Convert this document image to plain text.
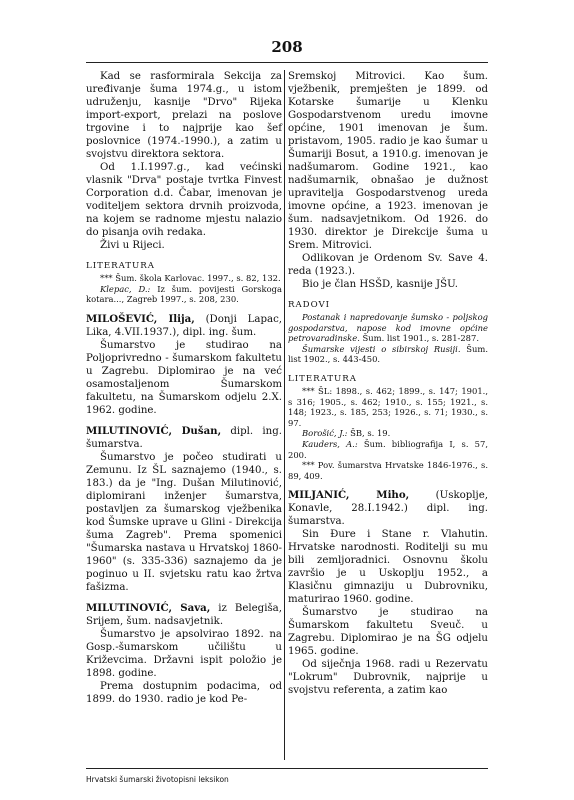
208

Kad se rasformirala Sekcija za uređivanje šuma 1974.g., u istom udruženju, kasnije "Drvo" Rijeka import-export, prelazi na poslove trgovine i to najprije kao šef poslovnice (1974.-1990.), a zatim u svojstvu direktora sektora.

Od 1.I.1997.g., kad većinski vlasnik "Drva" postaje tvrtka Finvest Corporation d.d. Čabar, imenovan je voditeljem sektora drvnih proizvoda, na kojem se radnome mjestu nalazio do pisanja ovih redaka.

Živi u Rijeci.

LITERATURA

*** Šum. škola Karlovac. 1997., s. 82, 132.

Klepac, D.: Iz šum. povijesti Gorskoga kotara..., Zagreb 1997., s. 208, 230.

MILOŠEVIĆ, Ilija, (Donji Lapac, Lika, 4.VII.1937.), dipl. ing. šum.

Šumarstvo je studirao na Poljoprivredno - šumarskom fakultetu u Zagrebu. Diplomirao je na već osamostaljenom Šumarskom fakultetu, na Šumarskom odjelu 2.X. 1962. godine.

MILUTINOVIĆ, Dušan, dipl. ing. šumarstva.

Šumarstvo je počeo studirati u Zemunu. Iz ŠL saznajemo (1940., s. 183.) da je "Ing. Dušan Milutinović, diplomirani inženjer šumarstva, postavljen za šumarskog vježbenika kod Šumske uprave u Glini - Direkcija šuma Zagreb". Prema spomenici "Šumarska nastava u Hrvatskoj 1860-1960" (s. 335-336) saznajemo da je poginuo u II. svjetsku ratu kao žrtva fašizma.

MILUTINOVIĆ, Sava, iz Belegiša, Srijem, šum. nadsavjetnik.

Šumarstvo je apsolvirao 1892. na Gosp.-šumarskom učilištu u Križevcima. Državni ispit položio je 1898. godine.

Prema dostupnim podacima, od 1899. do 1930. radio je kod Pe-

Sremskoj Mitrovici. Kao šum. vježbenik, premješten je 1899. od Kotarske šumarije u Klenku Gospodarstvenom uredu imovne općine, 1901 imenovan je šum. pristavom, 1905. radio je kao šumar u Šumariji Bosut, a 1910.g. imenovan je nadšumarom. Godine 1921., kao nadšumarnik, obnašao je dužnost upravitelja Gospodarstvenog ureda imovne općine, a 1923. imenovan je šum. nadsavjetnikom. Od 1926. do 1930. direktor je Direkcije šuma u Srem. Mitrovici.

Odlikovan je Ordenom Sv. Save 4. reda (1923.).

Bio je član HSŠD, kasnije JŠU.

RADOVI

Postanak i napredovanje šumsko - poljskog gospodarstva, napose kod imovne općine petrovaradinske. Šum. list 1901., s. 281-287.

Šumarske vijesti o sibirskoj Rusiji. Šum. list 1902., s. 443-450.

LITERATURA

*** ŠL: 1898., s. 462; 1899., s. 147; 1901., s 316; 1905., s. 462; 1910., s. 155; 1921., s. 148; 1923., s. 185, 253; 1926., s. 71; 1930., s. 97.

Borošić, J.: ŠB, s. 19.

Kauders, A.: Šum. bibliografija I, s. 57, 200.

*** Pov. šumarstva Hrvatske 1846-1976., s. 89, 409.

MILJANIĆ, Miho, (Uskoplje, Konavle, 28.I.1942.) dipl. ing. šumarstva.

Sin Đure i Stane r. Vlahutin. Hrvatske narodnosti. Roditelji su mu bili zemljoradnici. Osnovnu školu završio je u Uskoplju 1952., a Klasičnu gimnaziju u Dubrovniku, maturirao 1960. godine.

Šumarstvo je studirao na Šumarskom fakultetu Sveuč. u Zagrebu. Diplomirao je na ŠG odjelu 1965. godine.

Od siječnja 1968. radi u Rezervatu "Lokrum" Dubrovnik, najprije u svojstvu referenta, a zatim kao

Hrvatski šumarski životopisni leksikon
